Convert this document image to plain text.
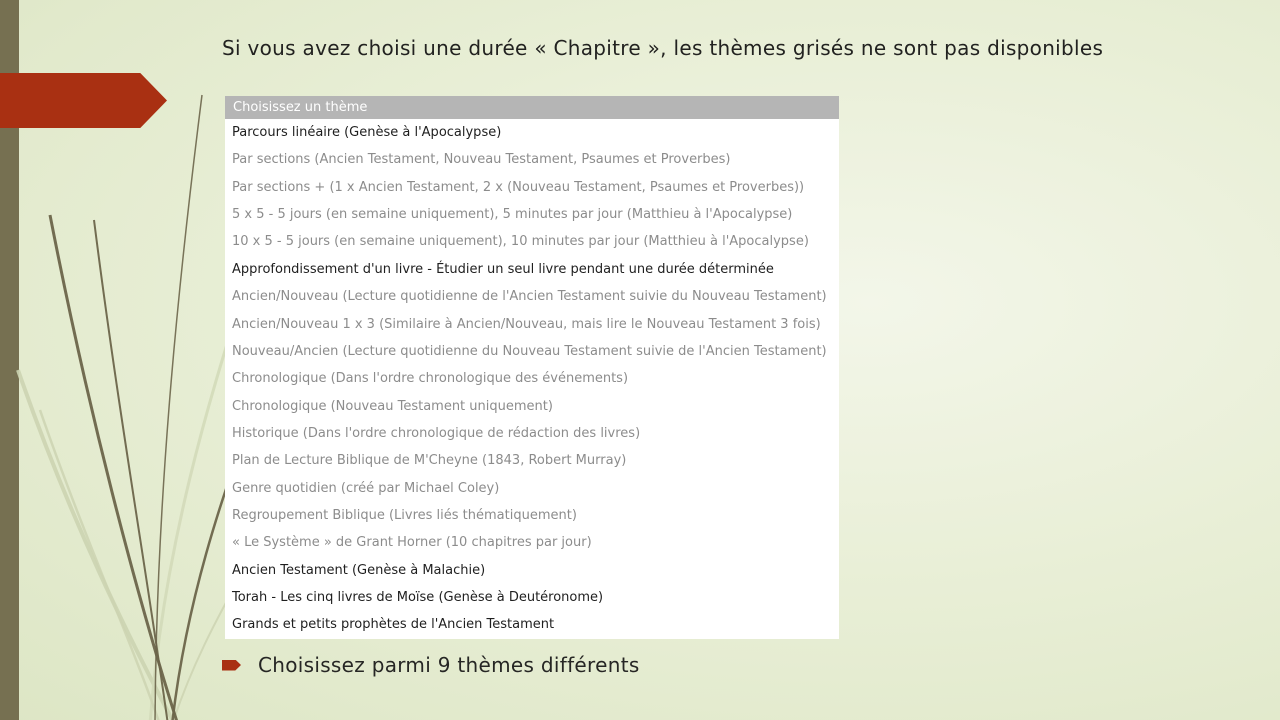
Si vous avez choisi une durée « Chapitre », les thèmes grisés ne sont pas disponibles
Choisissez un thème
Parcours linéaire (Genèse à l'Apocalypse)
Par sections (Ancien Testament, Nouveau Testament, Psaumes et Proverbes)
Par sections + (1 x Ancien Testament, 2 x (Nouveau Testament, Psaumes et Proverbes))
5 x 5 - 5 jours (en semaine uniquement), 5 minutes par jour (Matthieu à l'Apocalypse)
10 x 5 - 5 jours (en semaine uniquement), 10 minutes par jour (Matthieu à l'Apocalypse)
Approfondissement d'un livre - Étudier un seul livre pendant une durée déterminée
Ancien/Nouveau (Lecture quotidienne de l'Ancien Testament suivie du Nouveau Testament)
Ancien/Nouveau 1 x 3 (Similaire à Ancien/Nouveau, mais lire le Nouveau Testament 3 fois)
Nouveau/Ancien (Lecture quotidienne du Nouveau Testament suivie de l'Ancien Testament)
Chronologique (Dans l'ordre chronologique des événements)
Chronologique (Nouveau Testament uniquement)
Historique (Dans l'ordre chronologique de rédaction des livres)
Plan de Lecture Biblique de M'Cheyne (1843, Robert Murray)
Genre quotidien (créé par Michael Coley)
Regroupement Biblique (Livres liés thématiquement)
« Le Système » de Grant Horner (10 chapitres par jour)
Ancien Testament (Genèse à Malachie)
Torah - Les cinq livres de Moïse (Genèse à Deutéronome)
Grands et petits prophètes de l'Ancien Testament
Choisissez parmi 9 thèmes différents
